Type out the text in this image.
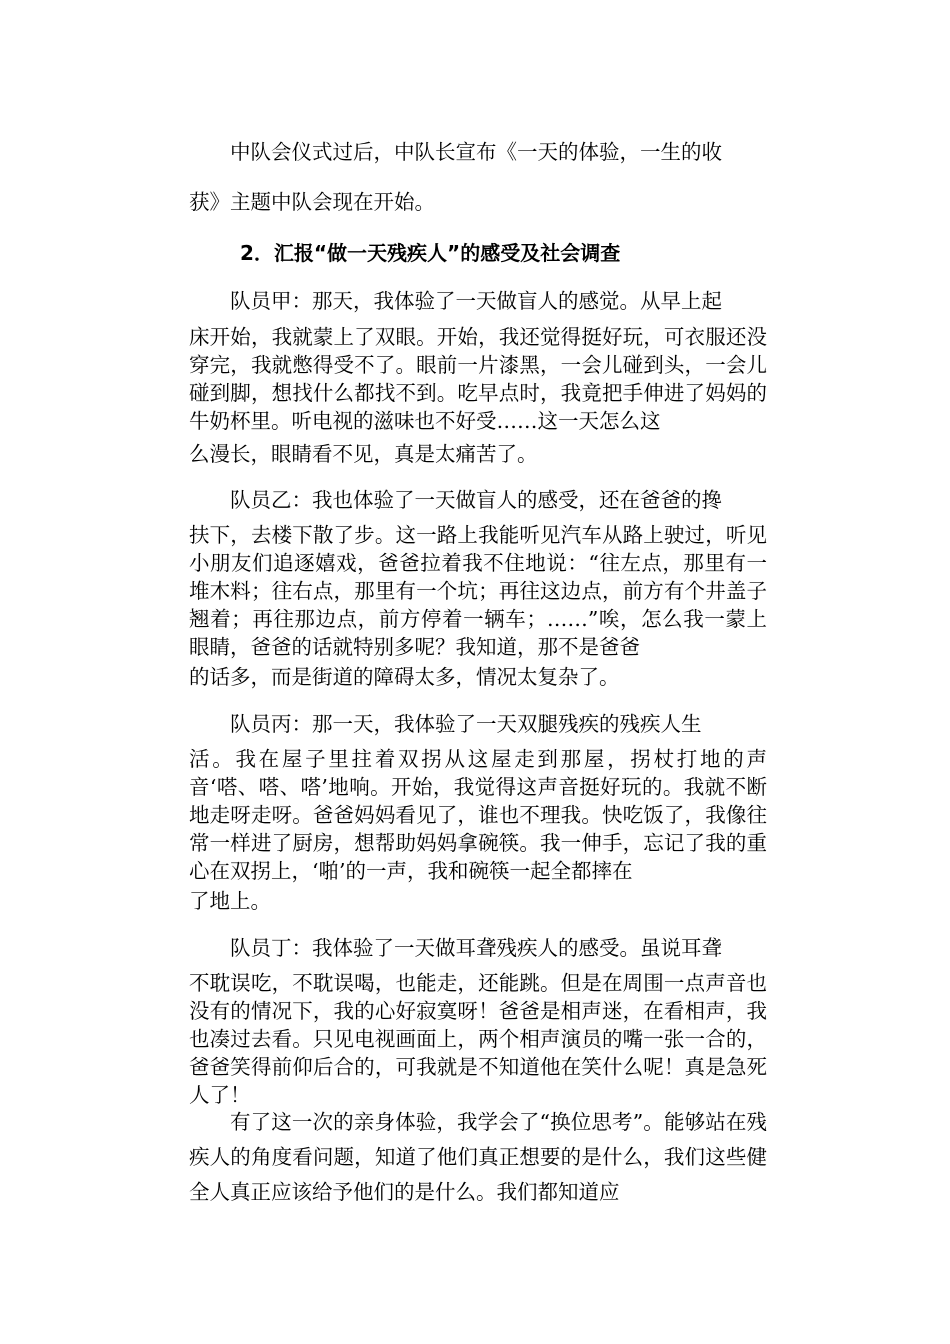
中队会仪式过后，中队长宣布《一天的体验，一生的收

获》主题中队会现在开始。

2．汇报“做一天残疾人”的感受及社会调查

队员甲：那天，我体验了一天做盲人的感觉。从早上起

床开始，我就蒙上了双眼。开始，我还觉得挺好玩，可衣服还没穿完，我就憋得受不了。眼前一片漆黑，一会儿碰到头，一会儿碰到脚，想找什么都找不到。吃早点时，我竟把手伸进了妈妈的牛奶杯里。听电视的滋味也不好受……这一天怎么这

么漫长，眼睛看不见，真是太痛苦了。

队员乙：我也体验了一天做盲人的感受，还在爸爸的搀

扶下，去楼下散了步。这一路上我能听见汽车从路上驶过，听见小朋友们追逐嬉戏，爸爸拉着我不住地说：“往左点，那里有一堆木料；往右点，那里有一个坑；再往这边点，前方有个井盖子翘着；再往那边点，前方停着一辆车；……”唉，怎么我一蒙上眼睛，爸爸的话就特别多呢？我知道，那不是爸爸

的话多，而是街道的障碍太多，情况太复杂了。

队员丙：那一天，我体验了一天双腿残疾的残疾人生

活。我在屋子里拄着双拐从这屋走到那屋，拐杖打地的声音‘嗒、嗒、嗒’地响。开始，我觉得这声音挺好玩的。我就不断地走呀走呀。爸爸妈妈看见了，谁也不理我。快吃饭了，我像往常一样进了厨房，想帮助妈妈拿碗筷。我一伸手，忘记了我的重心在双拐上，‘啪’的一声，我和碗筷一起全都摔在

了地上。

队员丁：我体验了一天做耳聋残疾人的感受。虽说耳聋

不耽误吃，不耽误喝，也能走，还能跳。但是在周围一点声音也没有的情况下，我的心好寂寞呀！爸爸是相声迷，在看相声，我也凑过去看。只见电视画面上，两个相声演员的嘴一张一合的，爸爸笑得前仰后合的，可我就是不知道他在笑什么呢！真是急死人了！

有了这一次的亲身体验，我学会了“换位思考”。能够站在残疾人的角度看问题，知道了他们真正想要的是什么，我们这些健全人真正应该给予他们的是什么。我们都知道应
